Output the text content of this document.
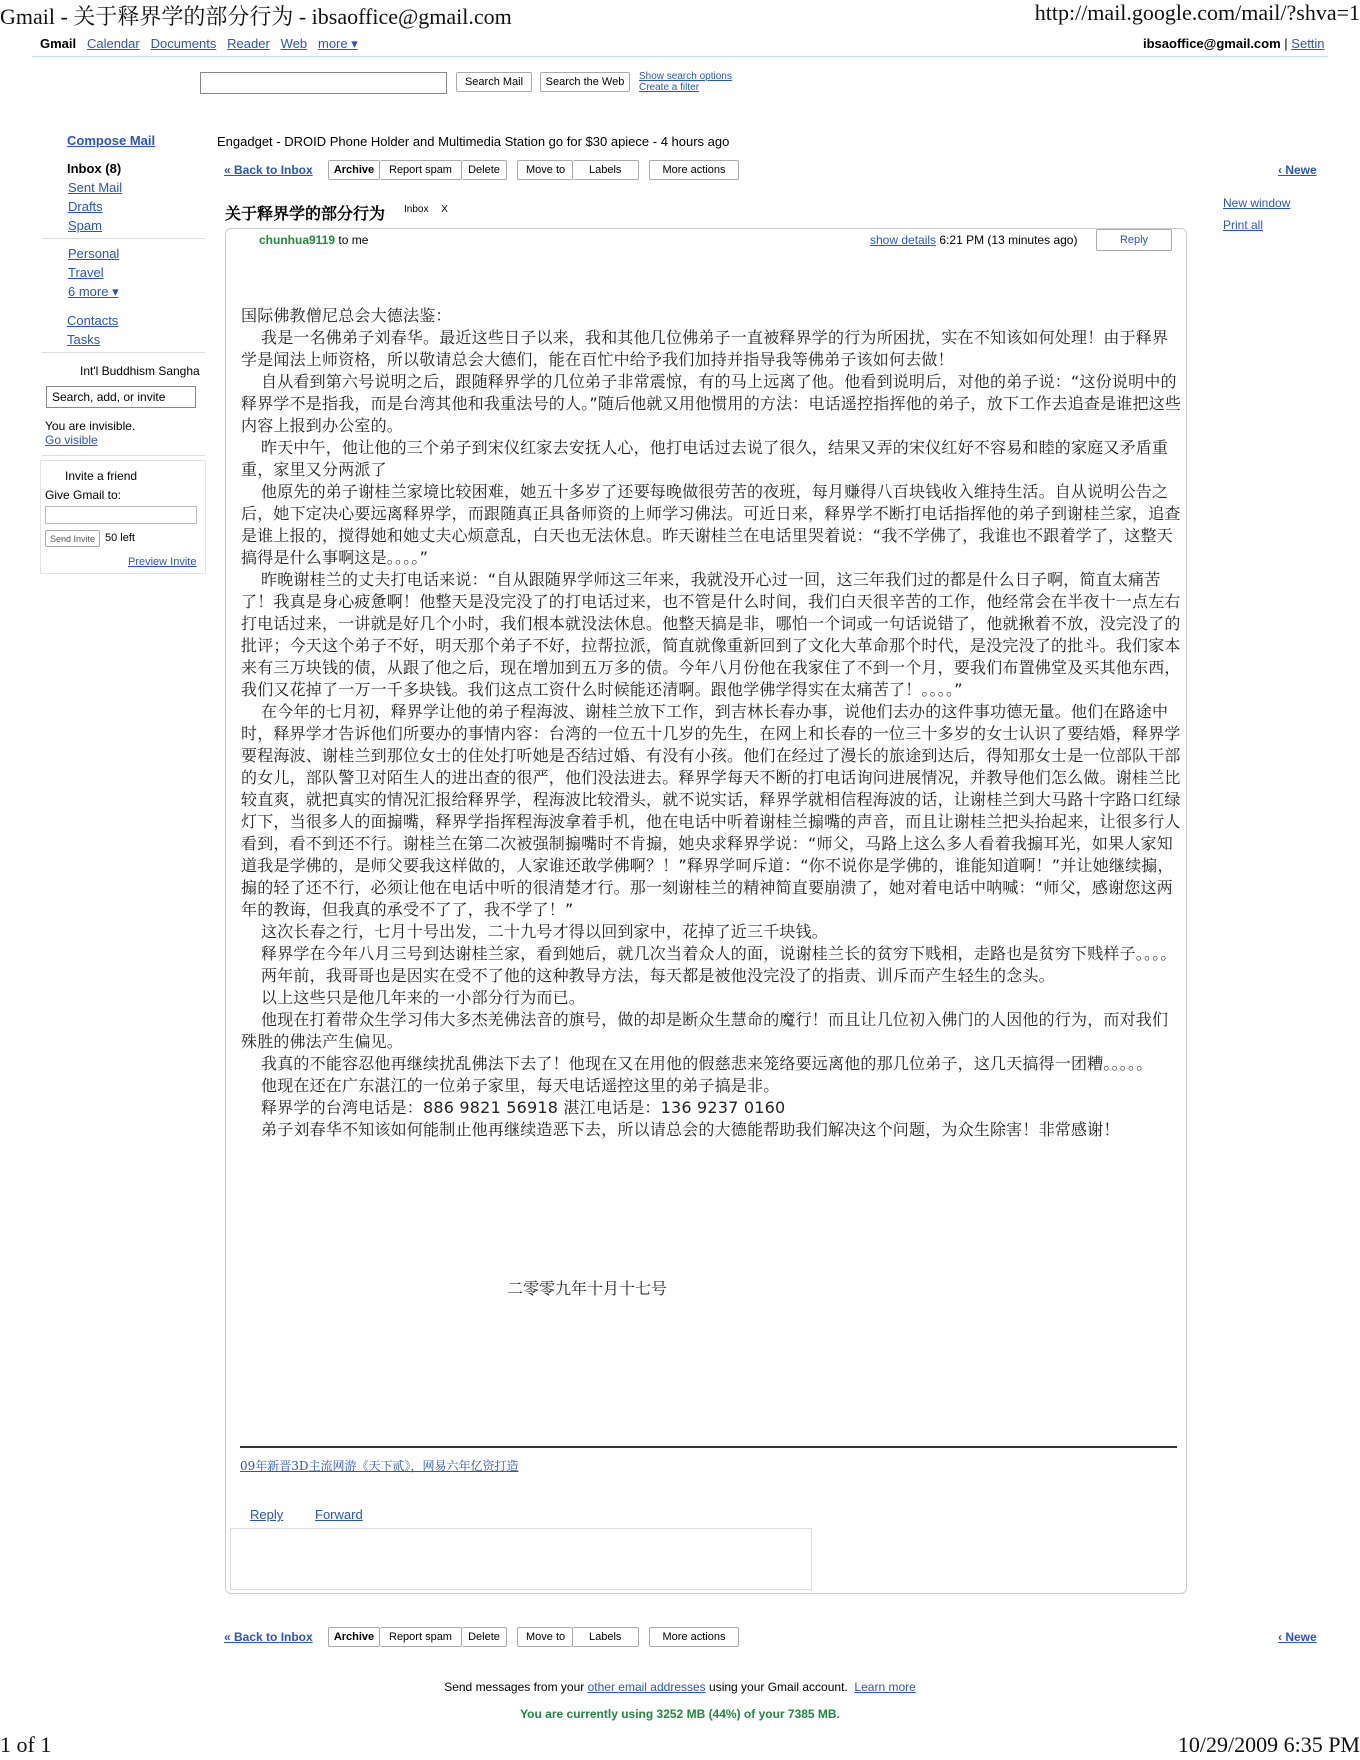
Gmail - 关于释界学的部分行为 - ibsaoffice@gmail.com	http://mail.google.com/mail/?shva=1
Gmail Calendar Documents Reader Web more ▾	ibsaoffice@gmail.com | Settin
Search Mail	Search the Web	Show search options
Create a filter
Compose Mail
Inbox (8)
Sent Mail
Drafts
Spam
Personal
Travel
6 more ▾
Contacts
Tasks
Int'l Buddhism Sangha
Search, add, or invite
You are invisible.
Go visible
Invite a friend
Give Gmail to:
Send Invite 50 left
Preview Invite
Engadget - DROID Phone Holder and Multimedia Station go for $30 apiece - 4 hours ago
« Back to Inbox	Archive	Report spam	Delete	Move to	Labels	More actions	‹ Newe
New window
Print all
关于释界学的部分行为 Inbox X
chunhua9119 to me	show details 6:21 PM (13 minutes ago)	Reply

国际佛教僧尼总会大德法鉴：

我是一名佛弟子刘春华。最近这些日子以来，我和其他几位佛弟子一直被释界学的行为所困扰，实在不知该如何处理！由于释界学是闻法上师资格，所以敬请总会大德们，能在百忙中给予我们加持并指导我等佛弟子该如何去做！

自从看到第六号说明之后，跟随释界学的几位弟子非常震惊，有的马上远离了他。他看到说明后，对他的弟子说：“这份说明中的释界学不是指我，而是台湾其他和我重法号的人。”随后他就又用他惯用的方法：电话遥控指挥他的弟子，放下工作去追查是谁把这些内容上报到办公室的。

昨天中午，他让他的三个弟子到宋仪红家去安抚人心，他打电话过去说了很久，结果又弄的宋仪红好不容易和睦的家庭又矛盾重重，家里又分两派了

他原先的弟子谢桂兰家境比较困难，她五十多岁了还要每晚做很劳苦的夜班，每月赚得八百块钱收入维持生活。自从说明公告之后，她下定决心要远离释界学，而跟随真正具备师资的上师学习佛法。可近日来，释界学不断打电话指挥他的弟子到谢桂兰家，追查是谁上报的，搅得她和她丈夫心烦意乱，白天也无法休息。昨天谢桂兰在电话里哭着说：“我不学佛了，我谁也不跟着学了，这整天搞得是什么事啊这是。。。。”

昨晚谢桂兰的丈夫打电话来说：“自从跟随界学师这三年来，我就没开心过一回，这三年我们过的都是什么日子啊，简直太痛苦了！我真是身心疲惫啊！他整天是没完没了的打电话过来，也不管是什么时间，我们白天很辛苦的工作，他经常会在半夜十一点左右打电话过来，一讲就是好几个小时，我们根本就没法休息。他整天搞是非，哪怕一个词或一句话说错了，他就揪着不放，没完没了的批评；今天这个弟子不好，明天那个弟子不好，拉帮拉派，简直就像重新回到了文化大革命那个时代，是没完没了的批斗。我们家本来有三万块钱的债，从跟了他之后，现在增加到五万多的债。今年八月份他在我家住了不到一个月，要我们布置佛堂及买其他东西，我们又花掉了一万一千多块钱。我们这点工资什么时候能还清啊。跟他学佛学得实在太痛苦了！。。。。”

在今年的七月初，释界学让他的弟子程海波、谢桂兰放下工作，到吉林长春办事，说他们去办的这件事功德无量。他们在路途中时，释界学才告诉他们所要办的事情内容：台湾的一位五十几岁的先生，在网上和长春的一位三十多岁的女士认识了要结婚，释界学要程海波、谢桂兰到那位女士的住处打听她是否结过婚、有没有小孩。他们在经过了漫长的旅途到达后，得知那女士是一位部队干部的女儿，部队警卫对陌生人的进出查的很严，他们没法进去。释界学每天不断的打电话询问进展情况，并教导他们怎么做。谢桂兰比较直爽，就把真实的情况汇报给释界学，程海波比较滑头，就不说实话，释界学就相信程海波的话，让谢桂兰到大马路十字路口红绿灯下，当很多人的面搧嘴，释界学指挥程海波拿着手机，他在电话中听着谢桂兰搧嘴的声音，而且让谢桂兰把头抬起来，让很多行人看到，看不到还不行。谢桂兰在第二次被强制搧嘴时不肯搧，她央求释界学说：“师父，马路上这么多人看着我搧耳光，如果人家知道我是学佛的，是师父要我这样做的，人家谁还敢学佛啊？！”释界学呵斥道：“你不说你是学佛的，谁能知道啊！”并让她继续搧，搧的轻了还不行，必须让他在电话中听的很清楚才行。那一刻谢桂兰的精神简直要崩溃了，她对着电话中呐喊：“师父，感谢您这两年的教诲，但我真的承受不了了，我不学了！”

这次长春之行，七月十号出发，二十九号才得以回到家中，花掉了近三千块钱。

释界学在今年八月三号到达谢桂兰家，看到她后，就几次当着众人的面，说谢桂兰长的贫穷下贱相，走路也是贫穷下贱样子。。。。

两年前，我哥哥也是因实在受不了他的这种教导方法，每天都是被他没完没了的指责、训斥而产生轻生的念头。

以上这些只是他几年来的一小部分行为而已。

他现在打着带众生学习伟大多杰羌佛法音的旗号，做的却是断众生慧命的魔行！而且让几位初入佛门的人因他的行为，而对我们殊胜的佛法产生偏见。

我真的不能容忍他再继续扰乱佛法下去了！他现在又在用他的假慈悲来笼络要远离他的那几位弟子，这几天搞得一团糟。。。。。

他现在还在广东湛江的一位弟子家里，每天电话遥控这里的弟子搞是非。

释界学的台湾电话是：886 9821 56918 湛江电话是：136 9237 0160

弟子刘春华不知该如何能制止他再继续造恶下去，所以请总会的大德能帮助我们解决这个问题，为众生除害！非常感谢！

二零零九年十月十七号
09年新晋3D主流网游《天下贰》，网易六年亿资打造
Reply Forward
« Back to Inbox	Archive	Report spam	Delete	Move to	Labels	More actions	‹ Newe
Send messages from your other email addresses using your Gmail account. Learn more
You are currently using 3252 MB (44%) of your 7385 MB.
1 of 1	10/29/2009 6:35 PM
